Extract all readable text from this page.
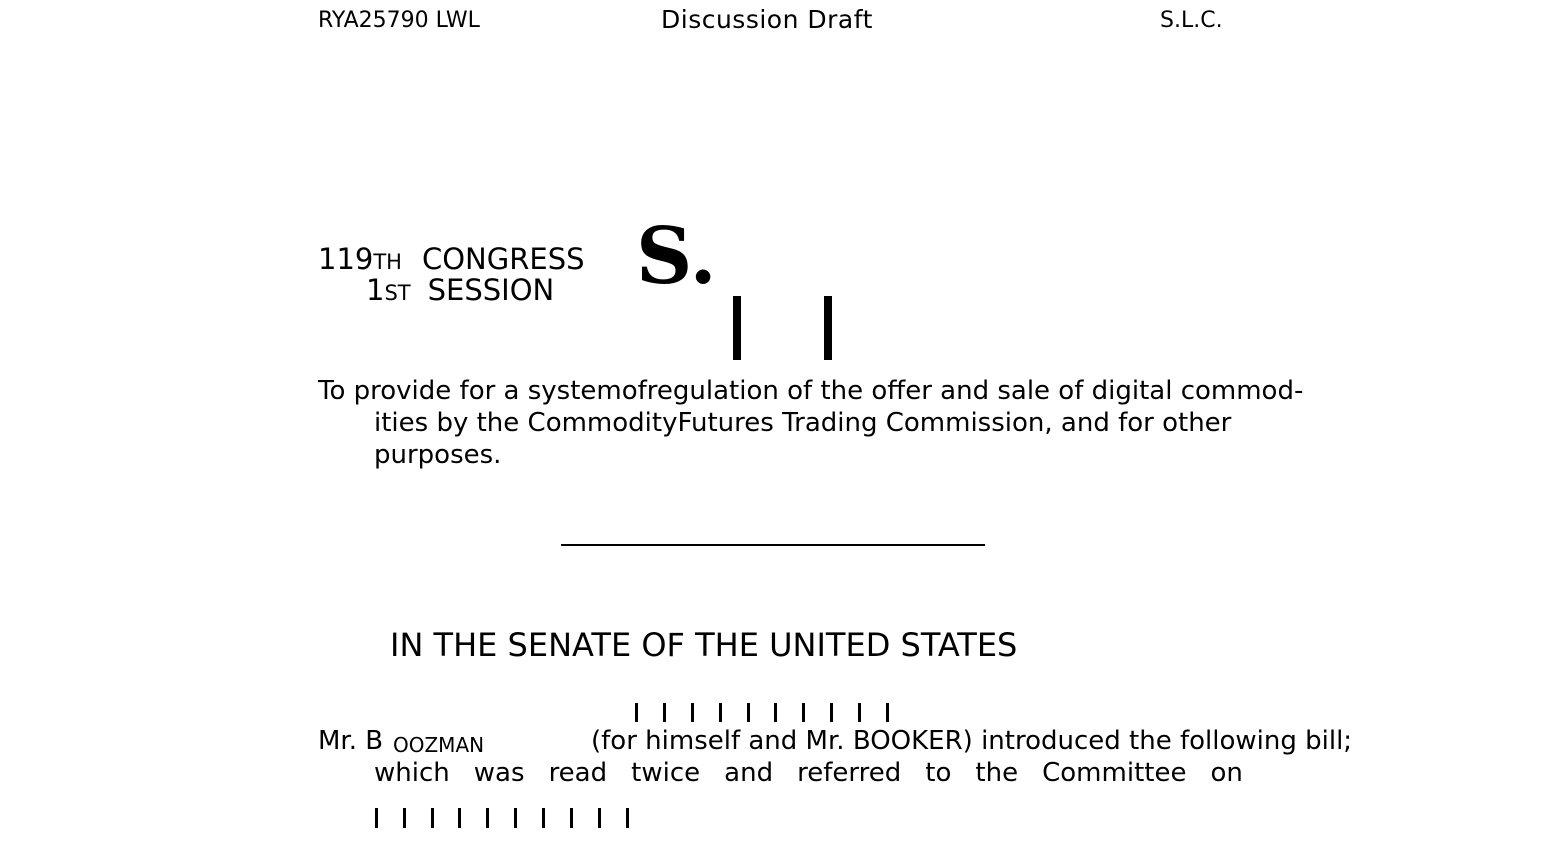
RYA25790 LWL	Discussion Draft	S.L.C.
119TH CONGRESS
1ST SESSION S.
To provide for a systemofregulation of the offer and sale of digital commod-
ities by the CommodityFutures Trading Commission, and for other
purposes.
IN THE SENATE OF THE UNITED STATES
Mr. B OOZMAN	(for himself and Mr. BOOKER) introduced the following bill;
which was read twice and referred to the Committee on
